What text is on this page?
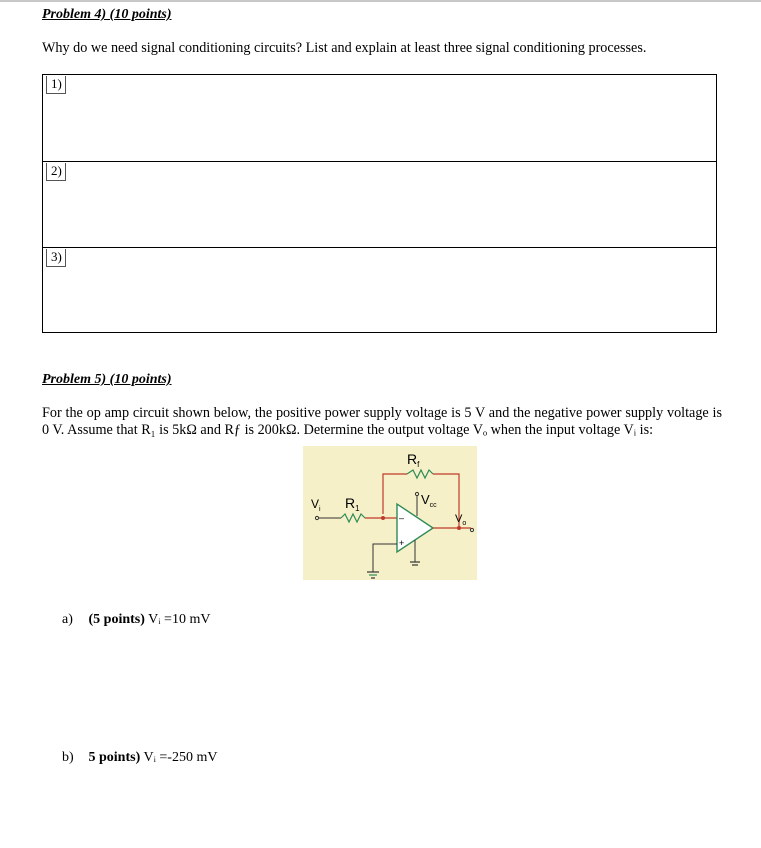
Problem 4) (10 points)
Why do we need signal conditioning circuits? List and explain at least three signal conditioning processes.
1)
2)
3)
Problem 5) (10 points)
For the op amp circuit shown below, the positive power supply voltage is 5 V and the negative power supply voltage is 0 V. Assume that R₁ is 5kΩ and Rƒ is 200kΩ. Determine the output voltage Vₒ when the input voltage Vᵢ is:
–
+
$R_f$
$R_1$
$V_i$
$V_{cc}$
$V_o$
a) (5 points) Vᵢ =10 mV
b) 5 points) Vᵢ =-250 mV
